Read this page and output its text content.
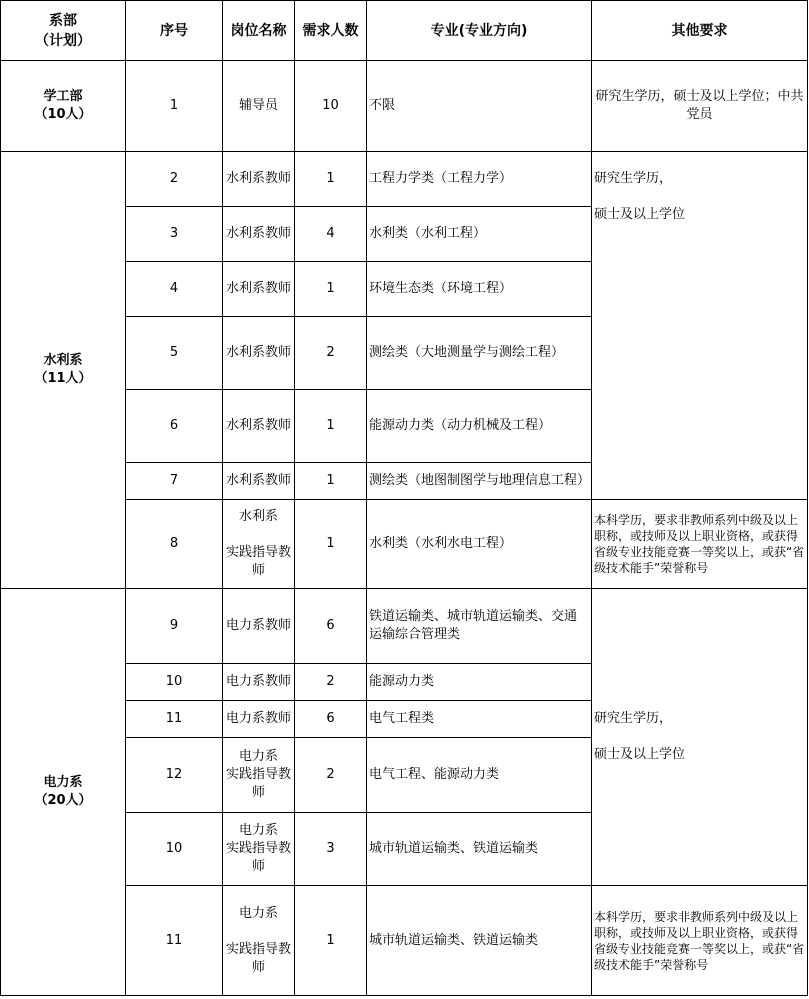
系部
（计划）	序号	岗位名称	需求人数	专业(专业方向)	其他要求

学工部
（10人）	1	辅导员	10	不限	研究生学历，硕士及以上学位；中共党员

水利系
（11人）	2	水利系教师	1	工程力学类（工程力学）	研究生学历，
硕士及以上学位

	3	水利系教师	4	水利类（水利工程）	
	4	水利系教师	1	环境生态类（环境工程）	
	5	水利系教师	2	测绘类（大地测量学与测绘工程）	
	6	水利系教师	1	能源动力类（动力机械及工程）	
	7	水利系教师	1	测绘类（地图制图学与地理信息工程）	
	8	水利系
实践指导教师	1	水利类（水利水电工程）	本科学历，要求非教师系列中级及以上职称，或技师及以上职业资格，或获得省级专业技能竞赛一等奖以上，或获“省级技术能手”荣誉称号

电力系
（20人）	9	电力系教师	6	铁道运输类、城市轨道运输类、交通运输综合管理类	研究生学历，
硕士及以上学位

	10	电力系教师	2	能源动力类	
	11	电力系教师	6	电气工程类	
	12	电力系
实践指导教师	2	电气工程、能源动力类	
	10	电力系
实践指导教师	3	城市轨道运输类、铁道运输类	
	11	电力系
实践指导教师	1	城市轨道运输类、铁道运输类	本科学历，要求非教师系列中级及以上职称，或技师及以上职业资格，或获得省级专业技能竞赛一等奖以上，或获“省级技术能手”荣誉称号
